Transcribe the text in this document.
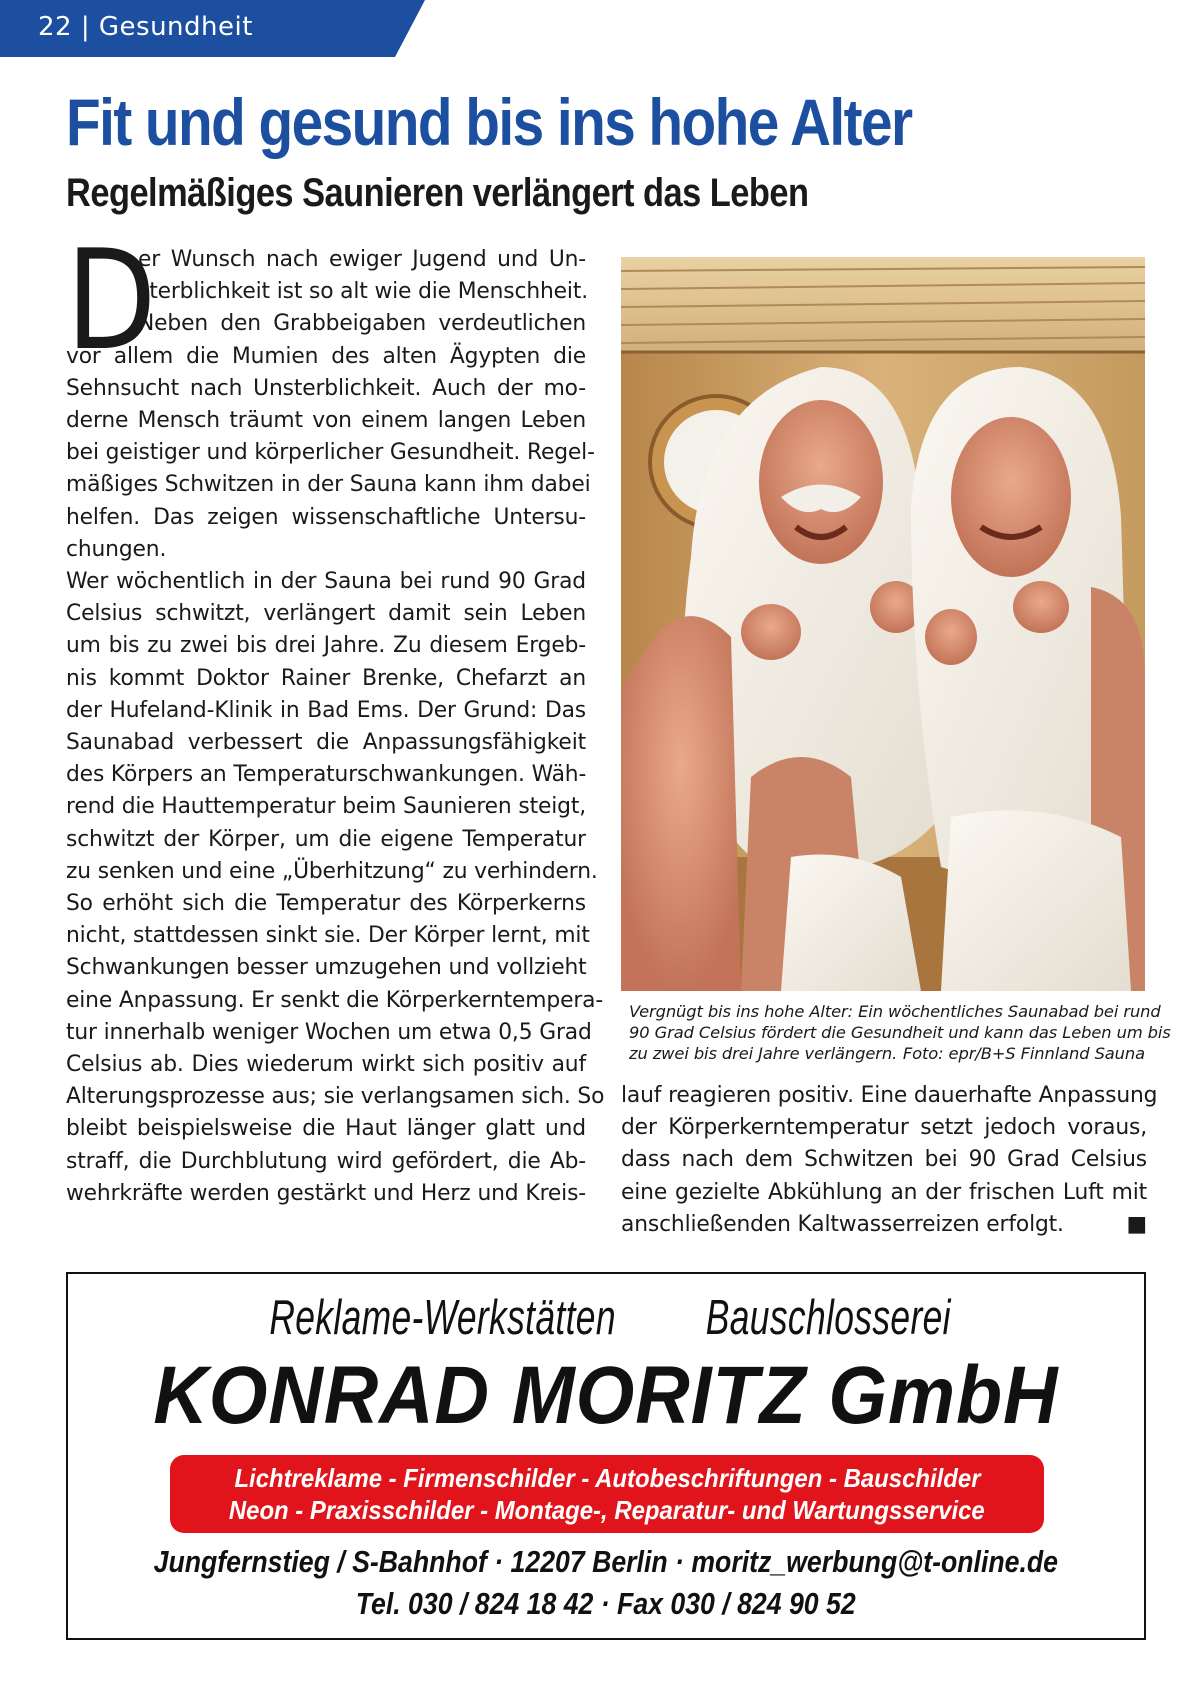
22 | Gesundheit
Fit und gesund bis ins hohe Alter
Regelmäßiges Saunieren verlängert das Leben
D

er Wunsch nach ewiger Jugend und Un-
sterblichkeit ist so alt wie die Menschheit.
Neben den Grabbeigaben verdeutlichen
vor allem die Mumien des alten Ägypten die
Sehnsucht nach Unsterblichkeit. Auch der mo-
derne Mensch träumt von einem langen Leben
bei geistiger und körperlicher Gesundheit. Regel-
mäßiges Schwitzen in der Sauna kann ihm dabei
helfen. Das zeigen wissenschaftliche Untersu-
chungen.
Wer wöchentlich in der Sauna bei rund 90 Grad
Celsius schwitzt, verlängert damit sein Leben
um bis zu zwei bis drei Jahre. Zu diesem Ergeb-
nis kommt Doktor Rainer Brenke, Chefarzt an
der Hufeland-Klinik in Bad Ems. Der Grund: Das
Saunabad verbessert die Anpassungsfähigkeit
des Körpers an Temperaturschwankungen. Wäh-
rend die Hauttemperatur beim Saunieren steigt,
schwitzt der Körper, um die eigene Temperatur
zu senken und eine „Überhitzung“ zu verhindern.
So erhöht sich die Temperatur des Körperkerns
nicht, stattdessen sinkt sie. Der Körper lernt, mit
Schwankungen besser umzugehen und vollzieht
eine Anpassung. Er senkt die Körperkerntempera-
tur innerhalb weniger Wochen um etwa 0,5 Grad
Celsius ab. Dies wiederum wirkt sich positiv auf
Alterungsprozesse aus; sie verlangsamen sich. So
bleibt beispielsweise die Haut länger glatt und
straff, die Durchblutung wird gefördert, die Ab-
wehrkräfte werden gestärkt und Herz und Kreis-

Vergnügt bis ins hohe Alter: Ein wöchentliches Saunabad bei rund
90 Grad Celsius fördert die Gesundheit und kann das Leben um bis
zu zwei bis drei Jahre verlängern. Foto: epr/B+S Finnland Sauna

lauf reagieren positiv. Eine dauerhafte Anpassung
der Körperkerntemperatur setzt jedoch voraus,
dass nach dem Schwitzen bei 90 Grad Celsius
eine gezielte Abkühlung an der frischen Luft mit
anschließenden Kaltwasserreizen erfolgt.	■

Reklame-Werkstätten Bauschlosserei
KONRAD MORITZ GmbH
Lichtreklame - Firmenschilder - Autobeschriftungen - Bauschilder
Neon - Praxisschilder - Montage-, Reparatur- und Wartungsservice
Jungfernstieg / S-Bahnhof · 12207 Berlin · moritz_werbung@t-online.de
Tel. 030 / 824 18 42 · Fax 030 / 824 90 52
